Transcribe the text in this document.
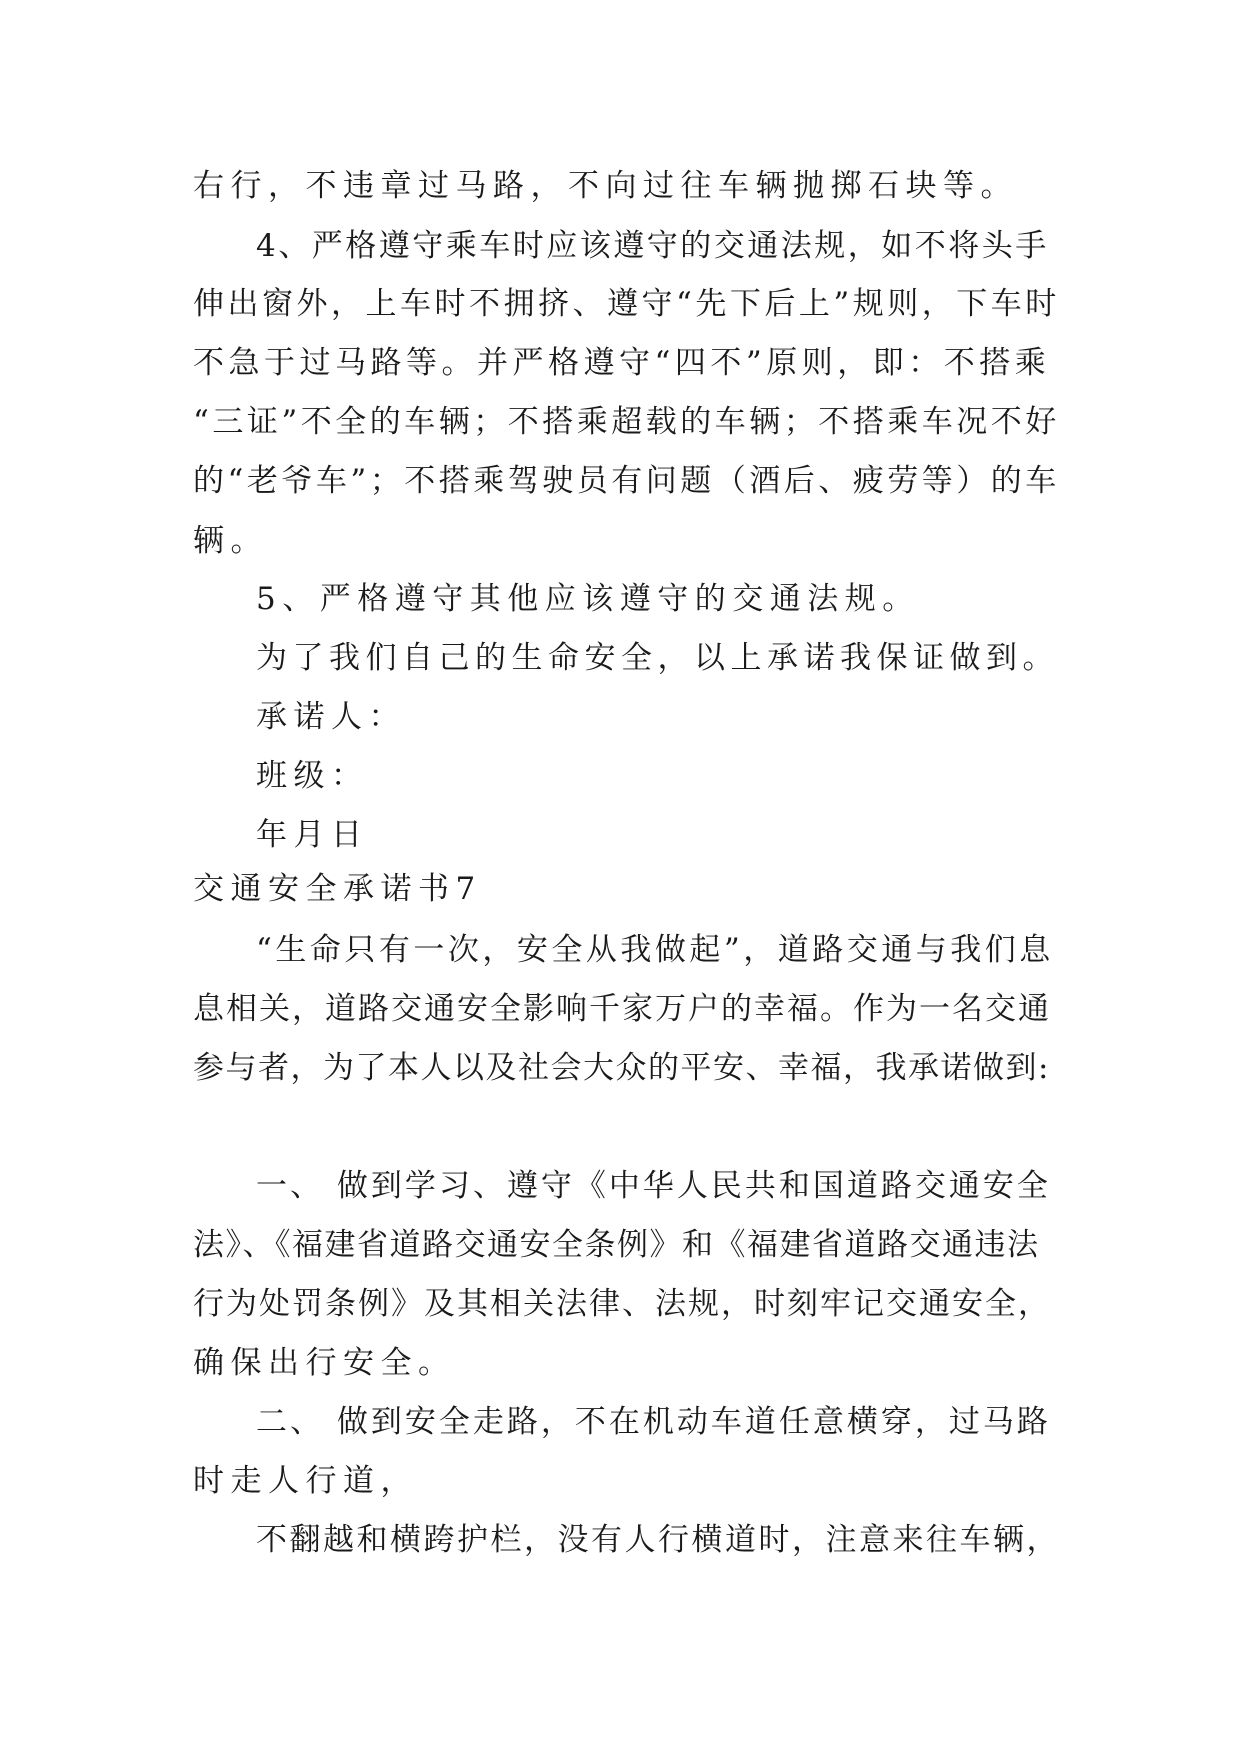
右行，不违章过马路，不向过往车辆抛掷石块等。
4、严格遵守乘车时应该遵守的交通法规，如不将头手
伸出窗外，上车时不拥挤、遵守“先下后上”规则，下车时
不急于过马路等。并严格遵守“四不”原则，即：不搭乘
“三证”不全的车辆；不搭乘超载的车辆；不搭乘车况不好
的“老爷车”；不搭乘驾驶员有问题（酒后、疲劳等）的车
辆。
5、严格遵守其他应该遵守的交通法规。
为了我们自己的生命安全，以上承诺我保证做到。
承诺人：
班级：
年月日
交通安全承诺书7
“生命只有一次，安全从我做起”，道路交通与我们息
息相关，道路交通安全影响千家万户的幸福。作为一名交通
参与者，为了本人以及社会大众的平安、幸福，我承诺做到:
一、 做到学习、遵守《中华人民共和国道路交通安全
法》、《福建省道路交通安全条例》和《福建省道路交通违法
行为处罚条例》及其相关法律、法规，时刻牢记交通安全，
确保出行安全。
二、 做到安全走路，不在机动车道任意横穿，过马路
时走人行道，
不翻越和横跨护栏，没有人行横道时，注意来往车辆，
